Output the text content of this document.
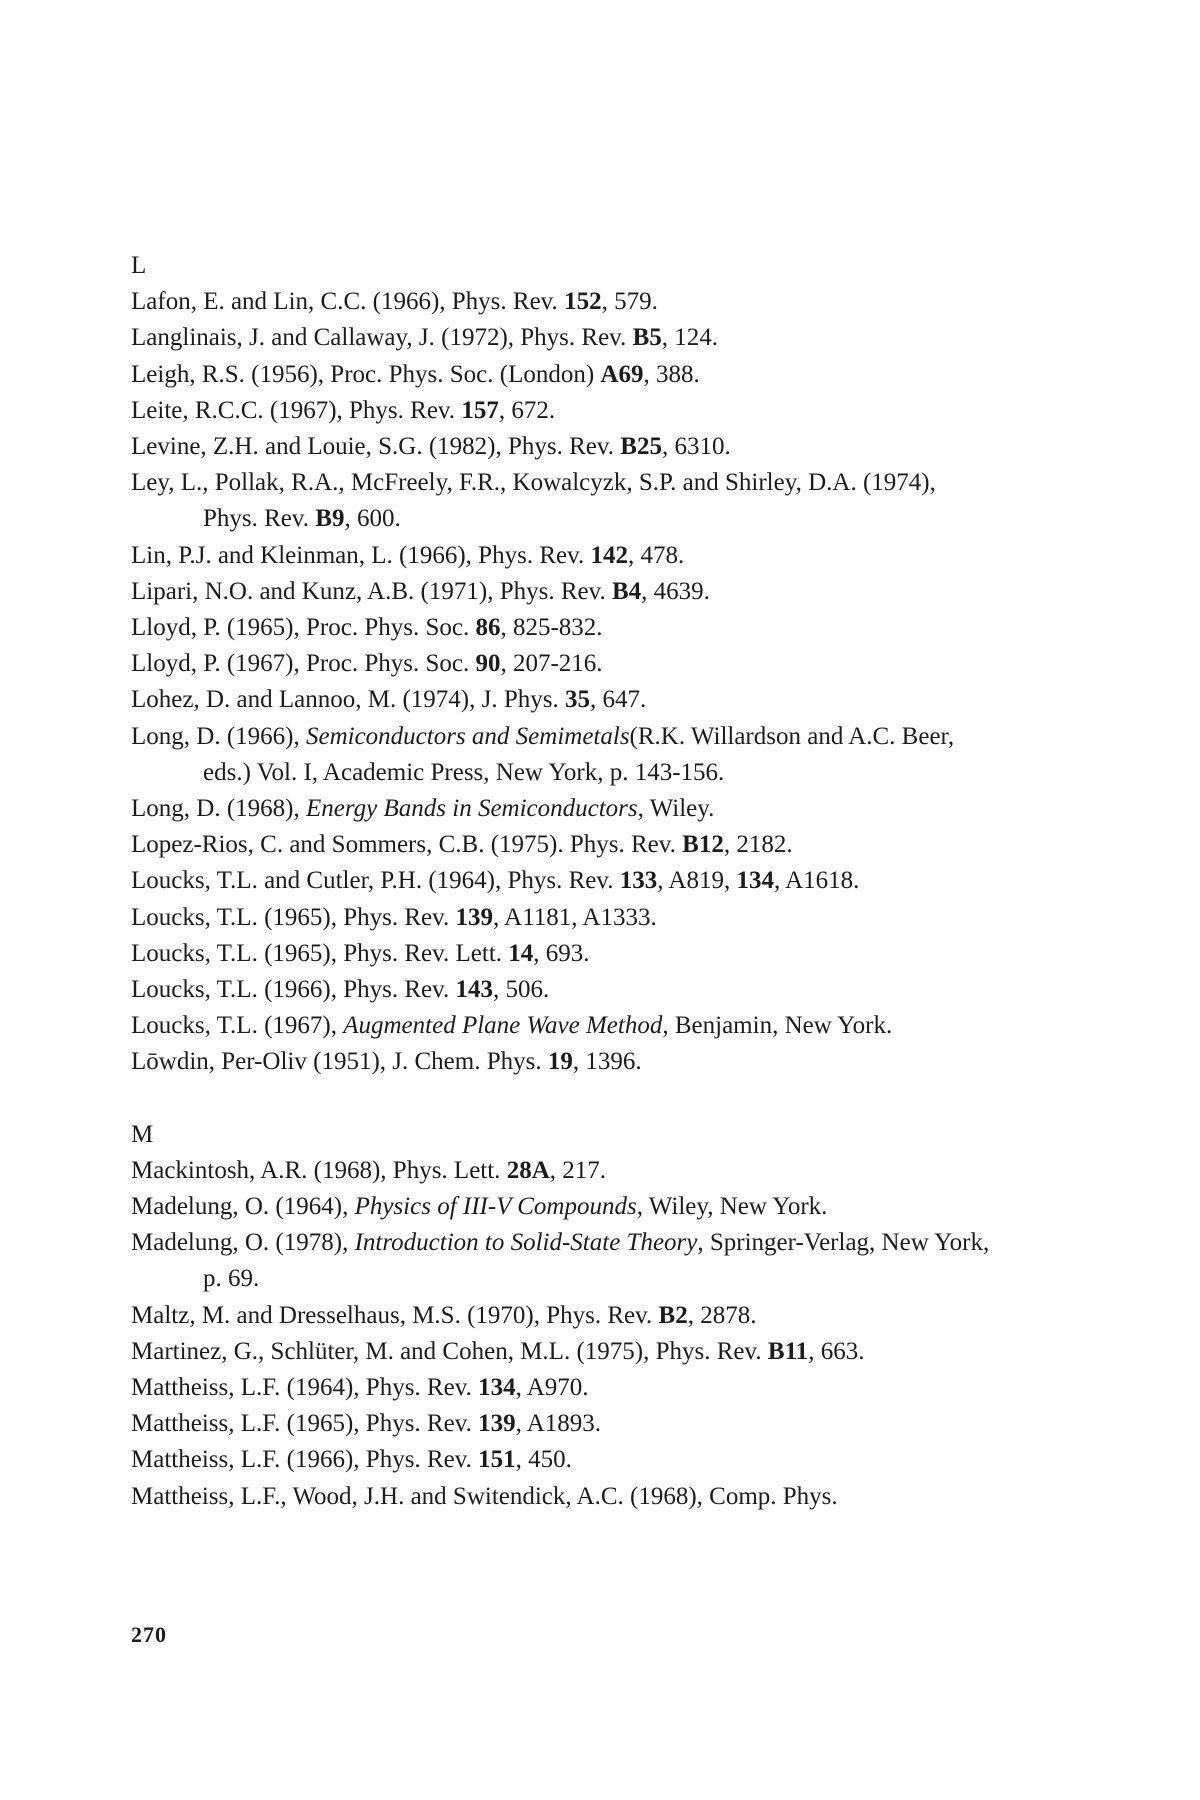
L
Lafon, E. and Lin, C.C. (1966), Phys. Rev. 152, 579.
Langlinais, J. and Callaway, J. (1972), Phys. Rev. B5, 124.
Leigh, R.S. (1956), Proc. Phys. Soc. (London) A69, 388.
Leite, R.C.C. (1967), Phys. Rev. 157, 672.
Levine, Z.H. and Louie, S.G. (1982), Phys. Rev. B25, 6310.
Ley, L., Pollak, R.A., McFreely, F.R., Kowalcyzk, S.P. and Shirley, D.A. (1974), Phys. Rev. B9, 600.
Lin, P.J. and Kleinman, L. (1966), Phys. Rev. 142, 478.
Lipari, N.O. and Kunz, A.B. (1971), Phys. Rev. B4, 4639.
Lloyd, P. (1965), Proc. Phys. Soc. 86, 825-832.
Lloyd, P. (1967), Proc. Phys. Soc. 90, 207-216.
Lohez, D. and Lannoo, M. (1974), J. Phys. 35, 647.
Long, D. (1966), Semiconductors and Semimetals(R.K. Willardson and A.C. Beer, eds.) Vol. I, Academic Press, New York, p. 143-156.
Long, D. (1968), Energy Bands in Semiconductors, Wiley.
Lopez-Rios, C. and Sommers, C.B. (1975). Phys. Rev. B12, 2182.
Loucks, T.L. and Cutler, P.H. (1964), Phys. Rev. 133, A819, 134, A1618.
Loucks, T.L. (1965), Phys. Rev. 139, A1181, A1333.
Loucks, T.L. (1965), Phys. Rev. Lett. 14, 693.
Loucks, T.L. (1966), Phys. Rev. 143, 506.
Loucks, T.L. (1967), Augmented Plane Wave Method, Benjamin, New York.
Lōwdin, Per-Oliv (1951), J. Chem. Phys. 19, 1396.
M
Mackintosh, A.R. (1968), Phys. Lett. 28A, 217.
Madelung, O. (1964), Physics of III-V Compounds, Wiley, New York.
Madelung, O. (1978), Introduction to Solid-State Theory, Springer-Verlag, New York, p. 69.
Maltz, M. and Dresselhaus, M.S. (1970), Phys. Rev. B2, 2878.
Martinez, G., Schlüter, M. and Cohen, M.L. (1975), Phys. Rev. B11, 663.
Mattheiss, L.F. (1964), Phys. Rev. 134, A970.
Mattheiss, L.F. (1965), Phys. Rev. 139, A1893.
Mattheiss, L.F. (1966), Phys. Rev. 151, 450.
Mattheiss, L.F., Wood, J.H. and Switendick, A.C. (1968), Comp. Phys.
270
